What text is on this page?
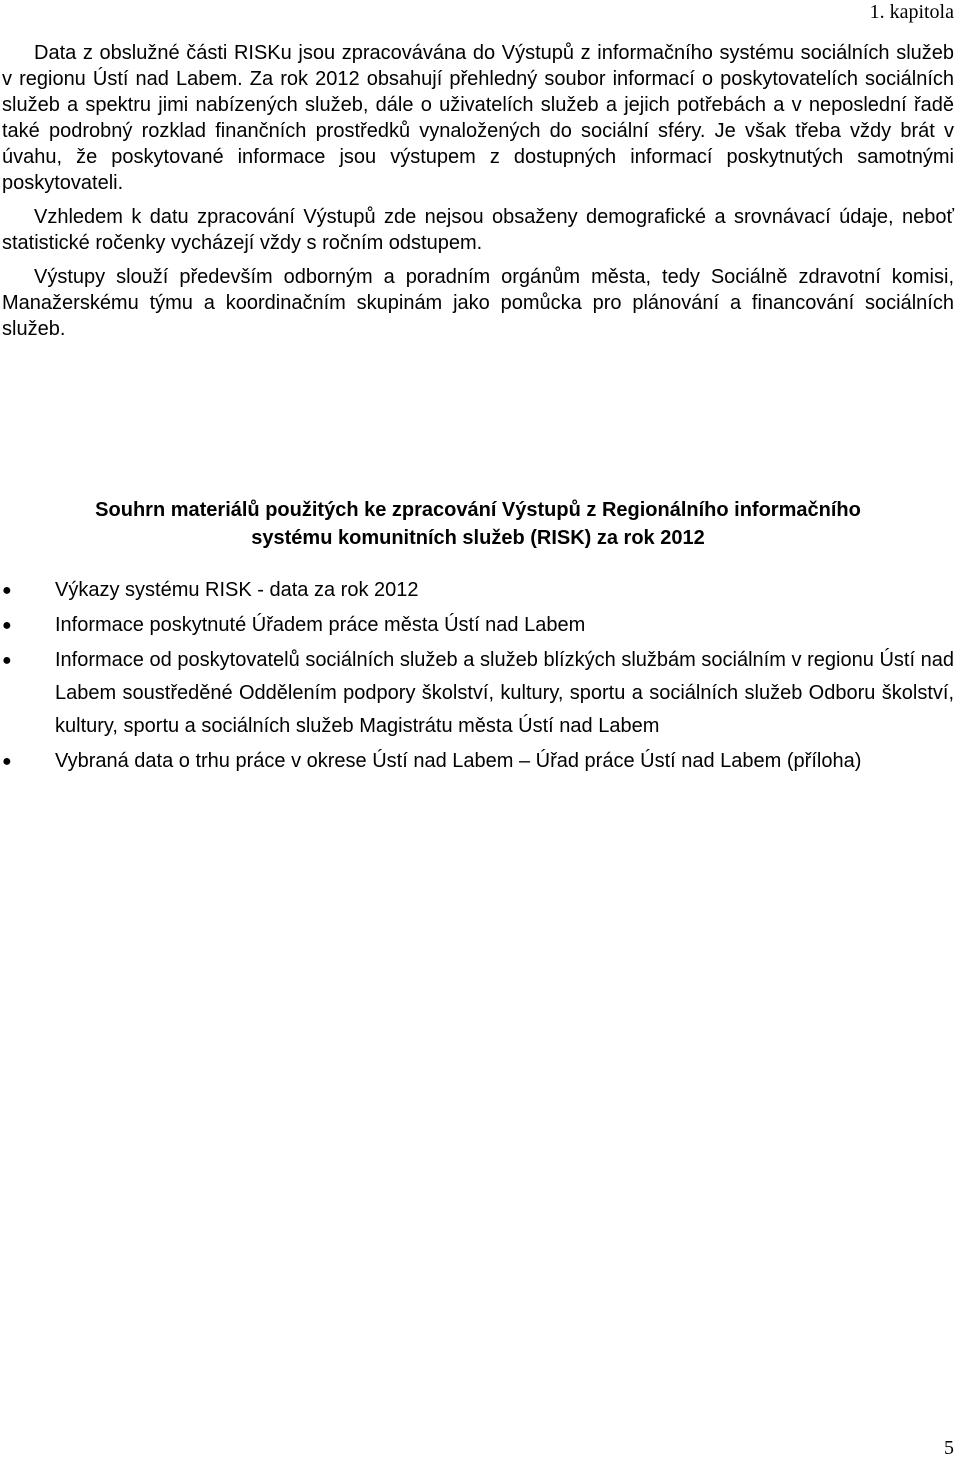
1. kapitola

Data z obslužné části RISKu jsou zpracovávána do Výstupů z informačního systému sociálních služeb v regionu Ústí nad Labem. Za rok 2012 obsahují přehledný soubor informací o poskytovatelích sociálních služeb a spektru jimi nabízených služeb, dále o uživatelích služeb a jejich potřebách a v neposlední řadě také podrobný rozklad finančních prostředků vynaložených do sociální sféry. Je však třeba vždy brát v úvahu, že poskytované informace jsou výstupem z dostupných informací poskytnutých samotnými poskytovateli.

Vzhledem k datu zpracování Výstupů zde nejsou obsaženy demografické a srovnávací údaje, neboť statistické ročenky vycházejí vždy s ročním odstupem.

Výstupy slouží především odborným a poradním orgánům města, tedy Sociálně zdravotní komisi, Manažerskému týmu a koordinačním skupinám jako pomůcka pro plánování a financování sociálních služeb.

Souhrn materiálů použitých ke zpracování Výstupů z Regionálního informačního
systému komunitních služeb (RISK) za rok 2012
● Výkazy systému RISK - data za rok 2012
● Informace poskytnuté Úřadem práce města Ústí nad Labem
● Informace od poskytovatelů sociálních služeb a služeb blízkých službám sociálním v regionu Ústí nad Labem soustředěné Oddělením podpory školství, kultury, sportu a sociálních služeb Odboru školství, kultury, sportu a sociálních služeb Magistrátu města Ústí nad Labem
● Vybraná data o trhu práce v okrese Ústí nad Labem – Úřad práce Ústí nad Labem (příloha)
5
